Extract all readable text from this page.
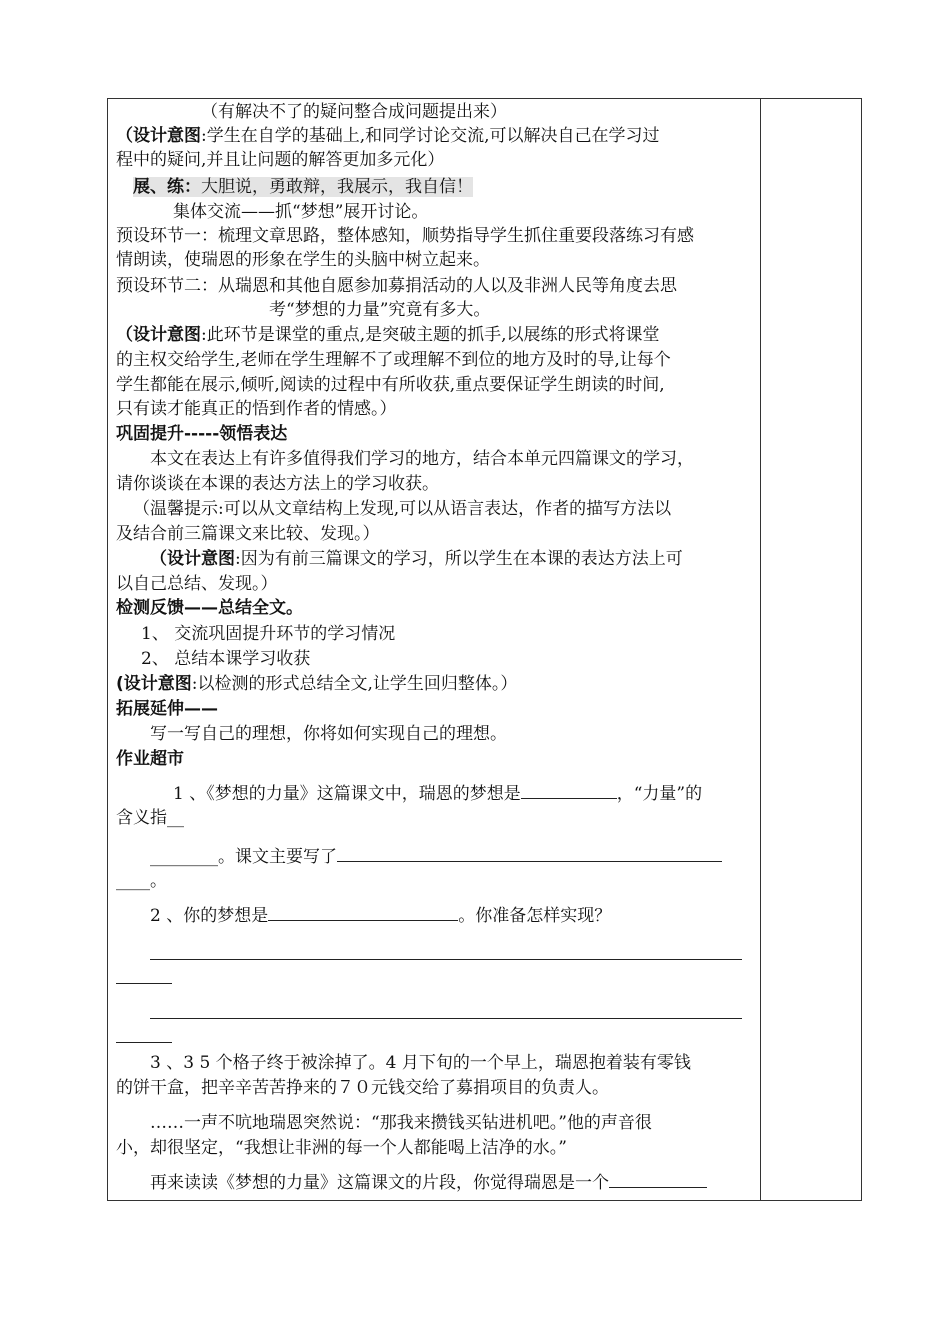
（有解决不了的疑问整合成问题提出来）
（设计意图:学生在自学的基础上,和同学讨论交流,可以解决自己在学习过
程中的疑问,并且让问题的解答更加多元化）
展、练：大胆说，勇敢辩，我展示，我自信！
集体交流——抓“梦想”展开讨论。
预设环节一：梳理文章思路，整体感知，顺势指导学生抓住重要段落练习有感
情朗读，使瑞恩的形象在学生的头脑中树立起来。
预设环节二：从瑞恩和其他自愿参加募捐活动的人以及非洲人民等角度去思
考“梦想的力量”究竟有多大。
（设计意图:此环节是课堂的重点,是突破主题的抓手,以展练的形式将课堂
的主权交给学生,老师在学生理解不了或理解不到位的地方及时的导,让每个
学生都能在展示,倾听,阅读的过程中有所收获,重点要保证学生朗读的时间,
只有读才能真正的悟到作者的情感。）
巩固提升-----领悟表达
本文在表达上有许多值得我们学习的地方，结合本单元四篇课文的学习，
请你谈谈在本课的表达方法上的学习收获。
（温馨提示:可以从文章结构上发现,可以从语言表达，作者的描写方法以
及结合前三篇课文来比较、发现。）
（设计意图:因为有前三篇课文的学习，所以学生在本课的表达方法上可
以自己总结、发现。）
检测反馈——总结全文。
1、 交流巩固提升环节的学习情况
2、 总结本课学习收获
(设计意图:以检测的形式总结全文,让学生回归整体。）
拓展延伸——
写一写自己的理想，你将如何实现自己的理想。
作业超市
1 、《梦想的力量》这篇课文中，瑞恩的梦想是	，“力量”的
含义指__
________。课文主要写了
____。
2 、你的梦想是	。你准备怎样实现？
3 、3 5 个格子终于被涂掉了。4 月下旬的一个早上，瑞恩抱着装有零钱
的饼干盒，把辛辛苦苦挣来的７０元钱交给了募捐项目的负责人。
……一声不吭地瑞恩突然说：“那我来攒钱买钻进机吧。”他的声音很
小，却很坚定，“我想让非洲的每一个人都能喝上洁净的水。”
再来读读《梦想的力量》这篇课文的片段，你觉得瑞恩是一个
